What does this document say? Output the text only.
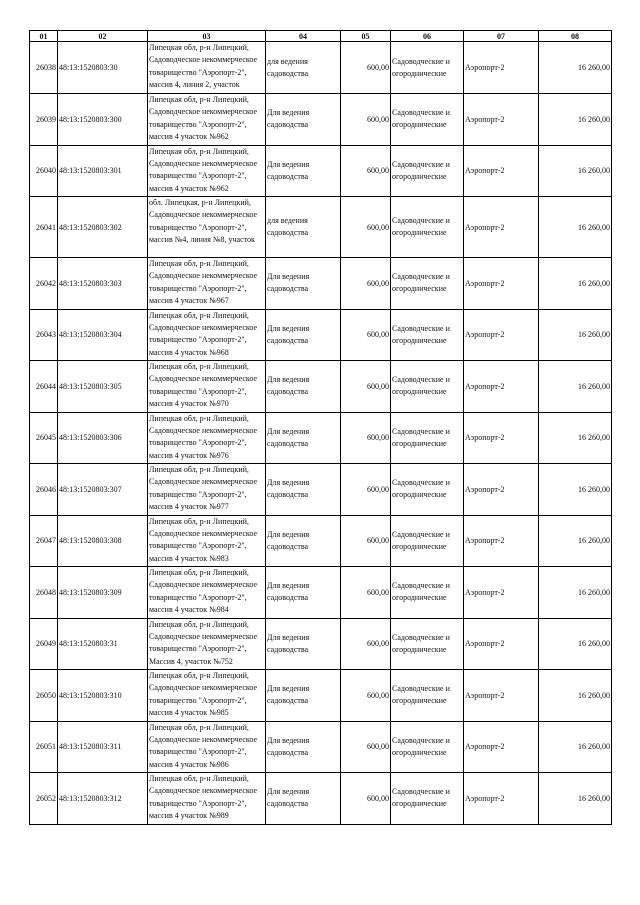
01	02	03	04	05	06	07	08
26038	48:13:1520803:30	Липецкая обл, р-н Липецкий, Садоводческое некоммерческое товарищество "Аэропорт-2", массив 4, линия 2, участок	для ведения садоводства	600,00	Садоводческие и огороднические	Аэропорт-2	16 260,00
26039	48:13:1520803:300	Липецкая обл, р-н Липецкий, Садоводческое некоммерческое товарищество "Аэропорт-2", массив 4 участок №962	Для ведения садоводства	600,00	Садоводческие и огороднические	Аэропорт-2	16 260,00
26040	48:13:1520803:301	Липецкая обл, р-н Липецкий, Садоводческое некоммерческое товарищество "Аэропорт-2", массив 4 участок №962	Для ведения садоводства	600,00	Садоводческие и огороднические	Аэропорт-2	16 260,00
26041	48:13:1520803:302	обл. Липецкая, р-н Липецкий, Садоводческое некоммерческое товарищество "Аэропорт-2", массив №4, линия №8, участок	для ведения садоводства	600,00	Садоводческие и огороднические	Аэропорт-2	16 260,00
26042	48:13:1520803:303	Липецкая обл, р-н Липецкий, Садоводческое некоммерческое товарищество "Аэропорт-2", массив 4 участок №967	Для ведения садоводства	600,00	Садоводческие и огороднические	Аэропорт-2	16 260,00
26043	48:13:1520803:304	Липецкая обл, р-н Липецкий, Садоводческое некоммерческое товарищество "Аэропорт-2", массив 4 участок №968	Для ведения садоводства	600,00	Садоводческие и огороднические	Аэропорт-2	16 260,00
26044	48:13:1520803:305	Липецкая обл, р-н Липецкий, Садоводческое некоммерческое товарищество "Аэропорт-2", массив 4 участок №970	Для ведения садоводства	600,00	Садоводческие и огороднические	Аэропорт-2	16 260,00
26045	48:13:1520803:306	Липецкая обл, р-н Липецкий, Садоводческое некоммерческое товарищество "Аэропорт-2", массив 4 участок №976	Для ведения садоводства	600,00	Садоводческие и огороднические	Аэропорт-2	16 260,00
26046	48:13:1520803:307	Липецкая обл, р-н Липецкий, Садоводческое некоммерческое товарищество "Аэропорт-2", массив 4 участок №977	Для ведения садоводства	600,00	Садоводческие и огороднические	Аэропорт-2	16 260,00
26047	48:13:1520803:308	Липецкая обл, р-н Липецкий, Садоводческое некоммерческое товарищество "Аэропорт-2", массив 4 участок №983	Для ведения садоводства	600,00	Садоводческие и огороднические	Аэропорт-2	16 260,00
26048	48:13:1520803:309	Липецкая обл, р-н Липецкий, Садоводческое некоммерческое товарищество "Аэропорт-2", массив 4 участок №984	Для ведения садоводства	600,00	Садоводческие и огороднические	Аэропорт-2	16 260,00
26049	48:13:1520803:31	Липецкая обл, р-н Липецкий, Садоводческое некоммерческое товарищество "Аэропорт-2", Массив 4, участок №752	Для ведения садоводства	600,00	Садоводческие и огороднические	Аэропорт-2	16 260,00
26050	48:13:1520803:310	Липецкая обл, р-н Липецкий, Садоводческое некоммерческое товарищество "Аэропорт-2", массив 4 участок №985	Для ведения садоводства	600,00	Садоводческие и огороднические	Аэропорт-2	16 260,00
26051	48:13:1520803:311	Липецкая обл, р-н Липецкий, Садоводческое некоммерческое товарищество "Аэропорт-2", массив 4 участок №986	Для ведения садоводства	600,00	Садоводческие и огороднические	Аэропорт-2	16 260,00
26052	48:13:1520803:312	Липецкая обл, р-н Липецкий, Садоводческое некоммерческое товарищество "Аэропорт-2", массив 4 участок №989	Для ведения садоводства	600,00	Садоводческие и огороднические	Аэропорт-2	16 260,00
